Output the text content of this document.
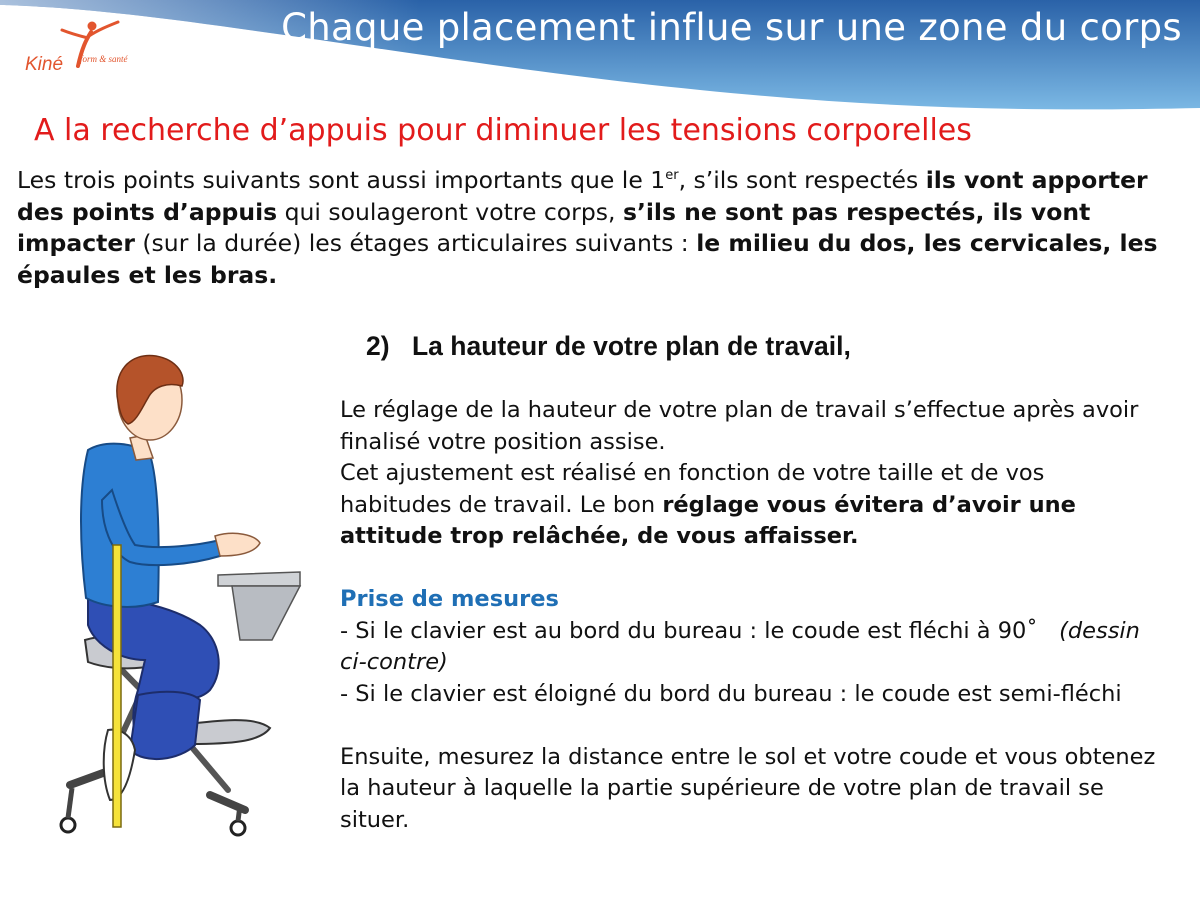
Chaque placement influe sur une zone du corps
Kiné form & santé
A la recherche d’appuis pour diminuer les tensions corporelles
Les trois points suivants sont aussi importants que le 1er, s’ils sont respectés ils vont apporter des points d’appuis qui soulageront votre corps, s’ils ne sont pas respectés, ils vont impacter (sur la durée) les étages articulaires suivants : le milieu du dos, les cervicales, les épaules et les bras.
2) La hauteur de votre plan de travail,

Le réglage de la hauteur de votre plan de travail s’effectue après avoir finalisé votre position assise.

Cet ajustement est réalisé en fonction de votre taille et de vos habitudes de travail. Le bon réglage vous évitera d’avoir une attitude trop relâchée, de vous affaisser.

Prise de mesures

- Si le clavier est au bord du bureau : le coude est fléchi à 90˚ (dessin ci-contre)

- Si le clavier est éloigné du bord du bureau : le coude est semi-fléchi

Ensuite, mesurez la distance entre le sol et votre coude et vous obtenez la hauteur à laquelle la partie supérieure de votre plan de travail se situer.
